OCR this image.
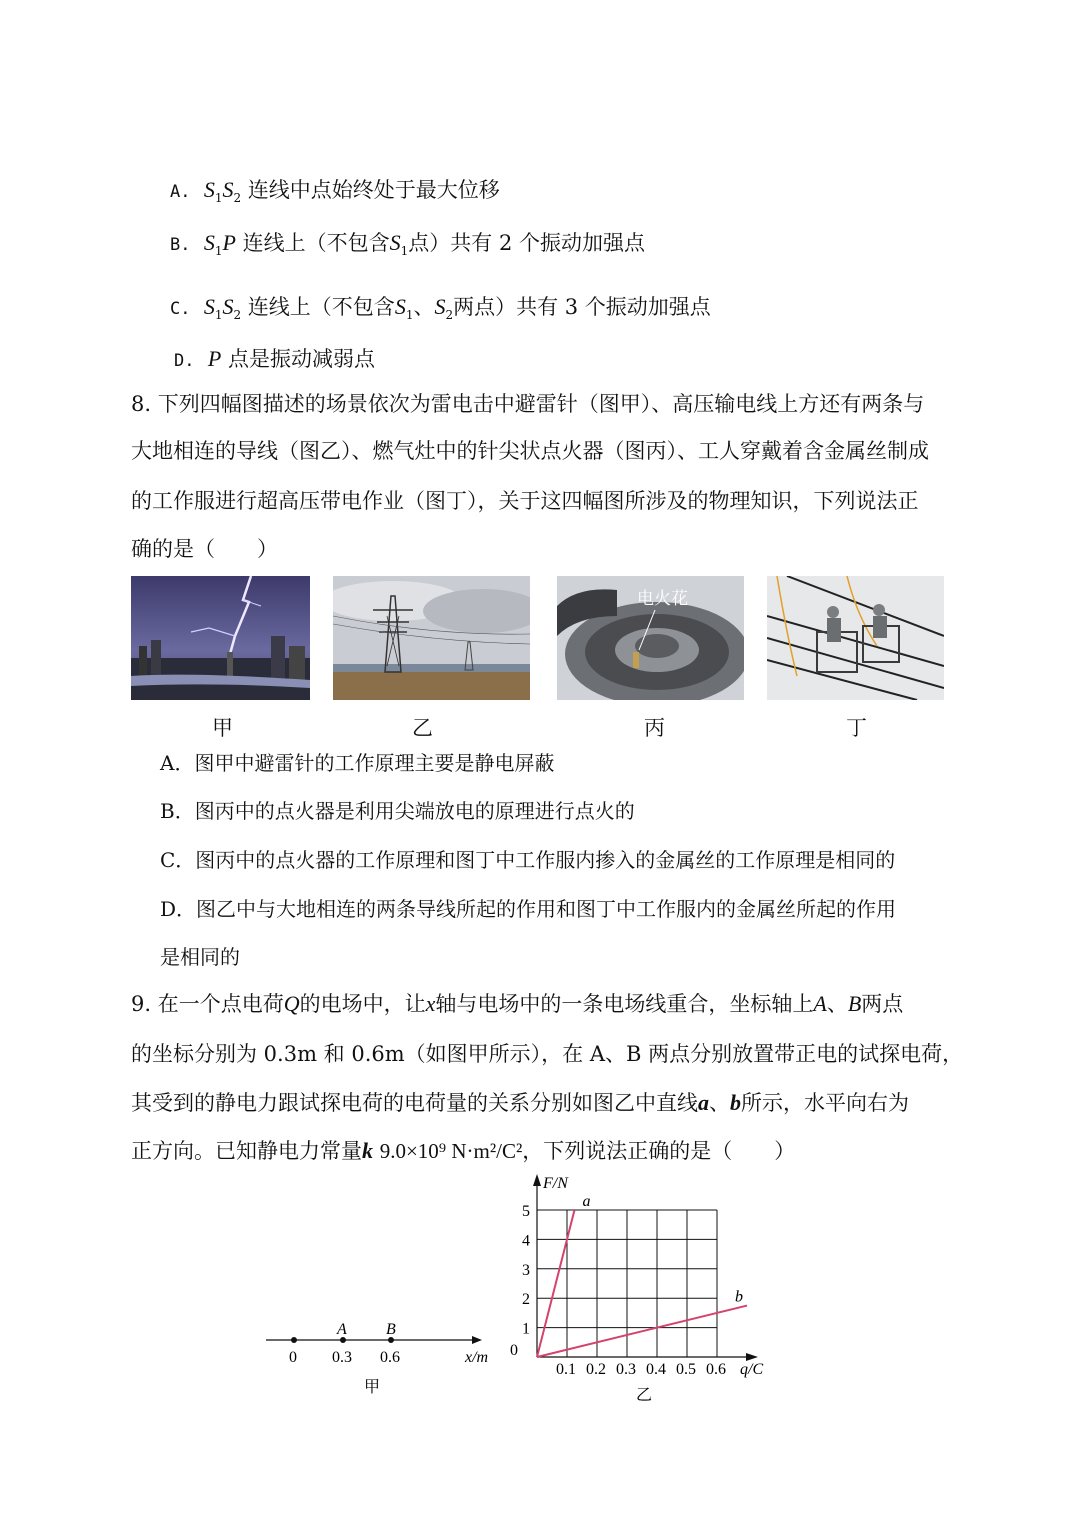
A. $S_1S_2$ 连线中点始终处于最大位移
B. $S_1P$ 连线上（不包含$S_1$点）共有 2 个振动加强点
C. $S_1S_2$ 连线上（不包含$S_1$、$S_2$两点）共有 3 个振动加强点
D. P 点是振动减弱点
8. 下列四幅图描述的场景依次为雷电击中避雷针（图甲）、高压输电线上方还有两条与
大地相连的导线（图乙）、燃气灶中的针尖状点火器（图丙）、工人穿戴着含金属丝制成
的工作服进行超高压带电作业（图丁），关于这四幅图所涉及的物理知识，下列说法正
确的是（　　）
电火花
甲	乙	丙	丁
A．图甲中避雷针的工作原理主要是静电屏蔽
B．图丙中的点火器是利用尖端放电的原理进行点火的
C．图丙中的点火器的工作原理和图丁中工作服内掺入的金属丝的工作原理是相同的
D．图乙中与大地相连的两条导线所起的作用和图丁中工作服内的金属丝所起的作用
是相同的
9. 在一个点电荷Q的电场中，让x轴与电场中的一条电场线重合，坐标轴上A、B两点
的坐标分别为 0.3m 和 0.6m（如图甲所示），在 A、B 两点分别放置带正电的试探电荷，
其受到的静电力跟试探电荷的电荷量的关系分别如图乙中直线a、b所示，水平向右为
正方向。已知静电力常量k 9.0×10⁹ N·m²/C²，下列说法正确的是（　　）
A B
0 0.3 0.6	x/m
甲
F/N
q/C
0
1
2
3
4
5
0.1 0.2 0.3 0.4 0.5 0.6
a
b
乙
